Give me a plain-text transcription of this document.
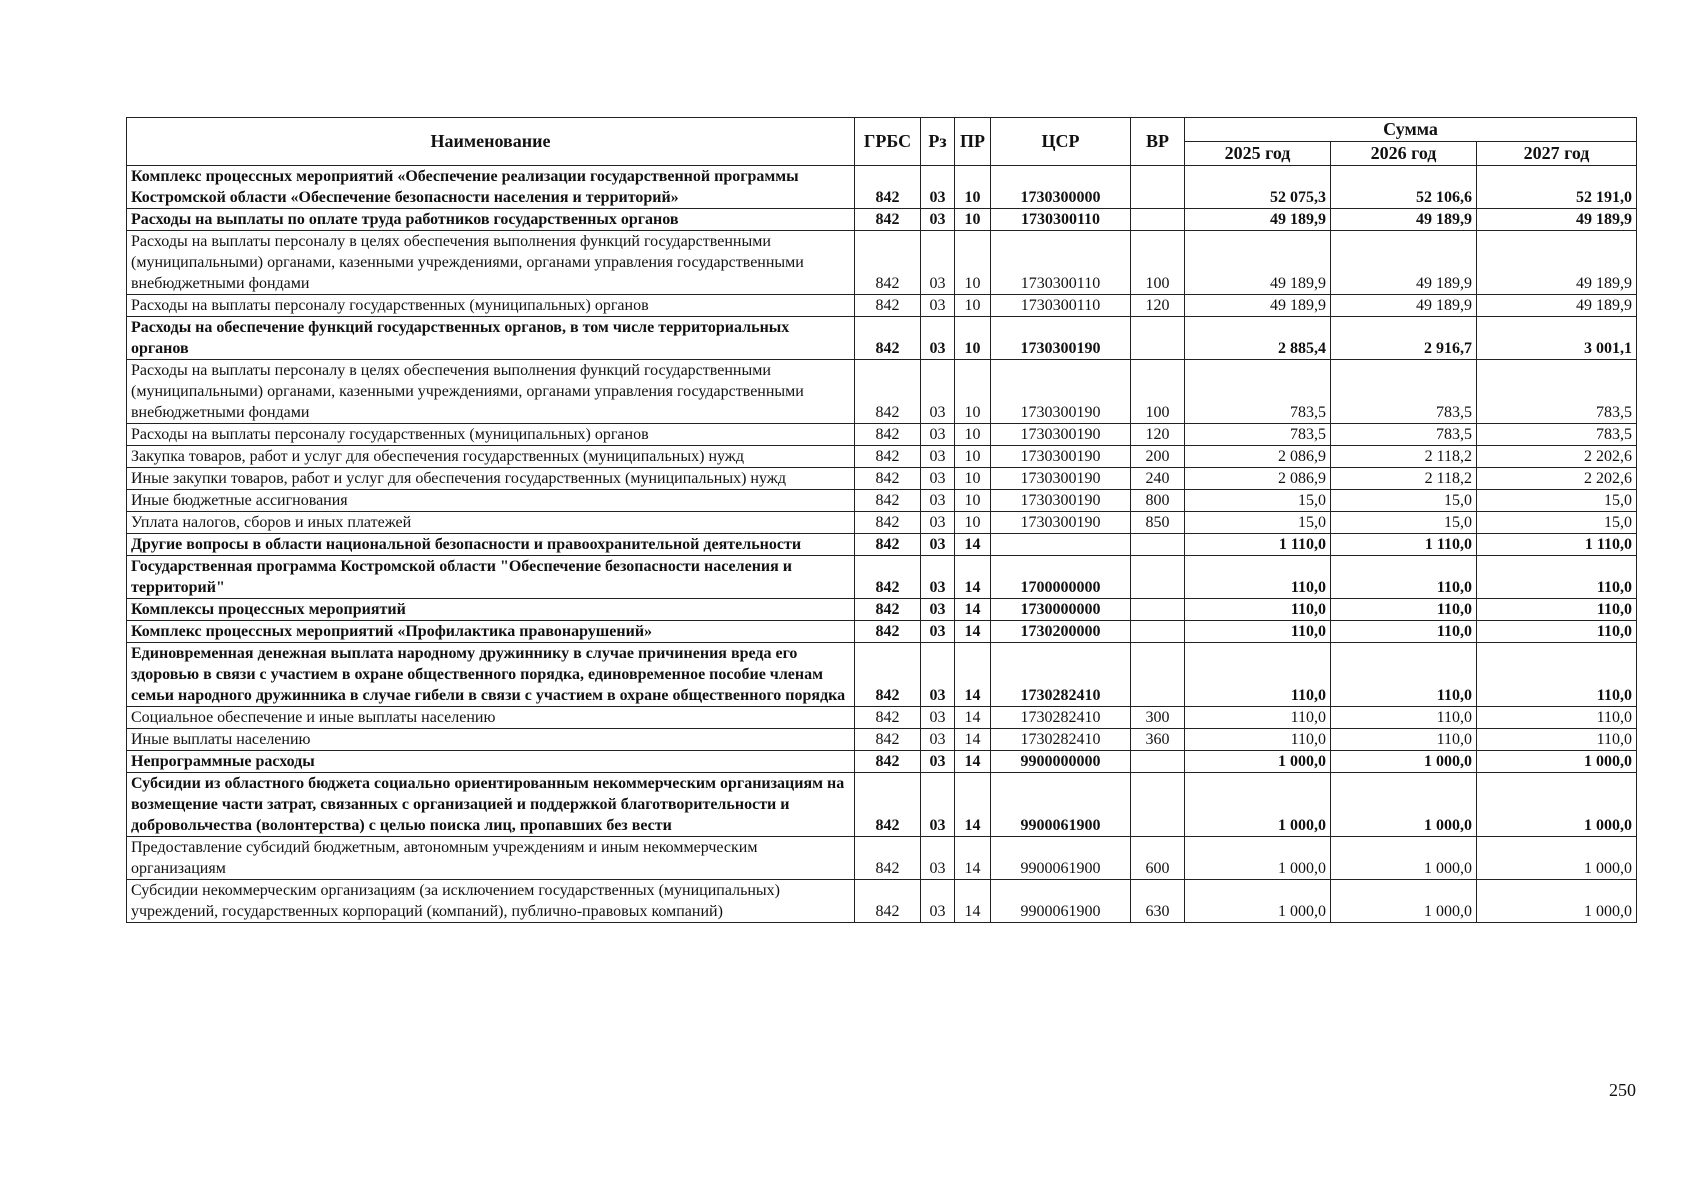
Наименование	ГРБС	Рз	ПР	ЦСР	ВР	Сумма		
						2025 год	2026 год	2027 год
Комплекс процессных мероприятий «Обеспечение реализации государственной программы Костромской области «Обеспечение безопасности населения и территорий»	842	03	10	1730300000		52 075,3	52 106,6	52 191,0
Расходы на выплаты по оплате труда работников государственных органов	842	03	10	1730300110		49 189,9	49 189,9	49 189,9
Расходы на выплаты персоналу в целях обеспечения выполнения функций государственными (муниципальными) органами, казенными учреждениями, органами управления государственными внебюджетными фондами	842	03	10	1730300110	100	49 189,9	49 189,9	49 189,9
Расходы на выплаты персоналу государственных (муниципальных) органов	842	03	10	1730300110	120	49 189,9	49 189,9	49 189,9
Расходы на обеспечение функций государственных органов, в том числе территориальных органов	842	03	10	1730300190		2 885,4	2 916,7	3 001,1
Расходы на выплаты персоналу в целях обеспечения выполнения функций государственными (муниципальными) органами, казенными учреждениями, органами управления государственными внебюджетными фондами	842	03	10	1730300190	100	783,5	783,5	783,5
Расходы на выплаты персоналу государственных (муниципальных) органов	842	03	10	1730300190	120	783,5	783,5	783,5
Закупка товаров, работ и услуг для обеспечения государственных (муниципальных) нужд	842	03	10	1730300190	200	2 086,9	2 118,2	2 202,6
Иные закупки товаров, работ и услуг для обеспечения государственных (муниципальных) нужд	842	03	10	1730300190	240	2 086,9	2 118,2	2 202,6
Иные бюджетные ассигнования	842	03	10	1730300190	800	15,0	15,0	15,0
Уплата налогов, сборов и иных платежей	842	03	10	1730300190	850	15,0	15,0	15,0
Другие вопросы в области национальной безопасности и правоохранительной деятельности	842	03	14			1 110,0	1 110,0	1 110,0
Государственная программа Костромской области "Обеспечение безопасности населения и территорий"	842	03	14	1700000000		110,0	110,0	110,0
Комплексы процессных мероприятий	842	03	14	1730000000		110,0	110,0	110,0
Комплекс процессных мероприятий «Профилактика правонарушений»	842	03	14	1730200000		110,0	110,0	110,0
Единовременная денежная выплата народному дружиннику в случае причинения вреда его здоровью в связи с участием в охране общественного порядка, единовременное пособие членам семьи народного дружинника в случае гибели в связи с участием в охране общественного порядка	842	03	14	1730282410		110,0	110,0	110,0
Социальное обеспечение и иные выплаты населению	842	03	14	1730282410	300	110,0	110,0	110,0
Иные выплаты населению	842	03	14	1730282410	360	110,0	110,0	110,0
Непрограммные расходы	842	03	14	9900000000		1 000,0	1 000,0	1 000,0
Субсидии из областного бюджета социально ориентированным некоммерческим организациям на возмещение части затрат, связанных с организацией и поддержкой благотворительности и добровольчества (волонтерства) с целью поиска лиц, пропавших без вести	842	03	14	9900061900		1 000,0	1 000,0	1 000,0
Предоставление субсидий бюджетным, автономным учреждениям и иным некоммерческим организациям	842	03	14	9900061900	600	1 000,0	1 000,0	1 000,0
Субсидии некоммерческим организациям (за исключением государственных (муниципальных) учреждений, государственных корпораций (компаний), публично-правовых компаний)	842	03	14	9900061900	630	1 000,0	1 000,0	1 000,0
250
